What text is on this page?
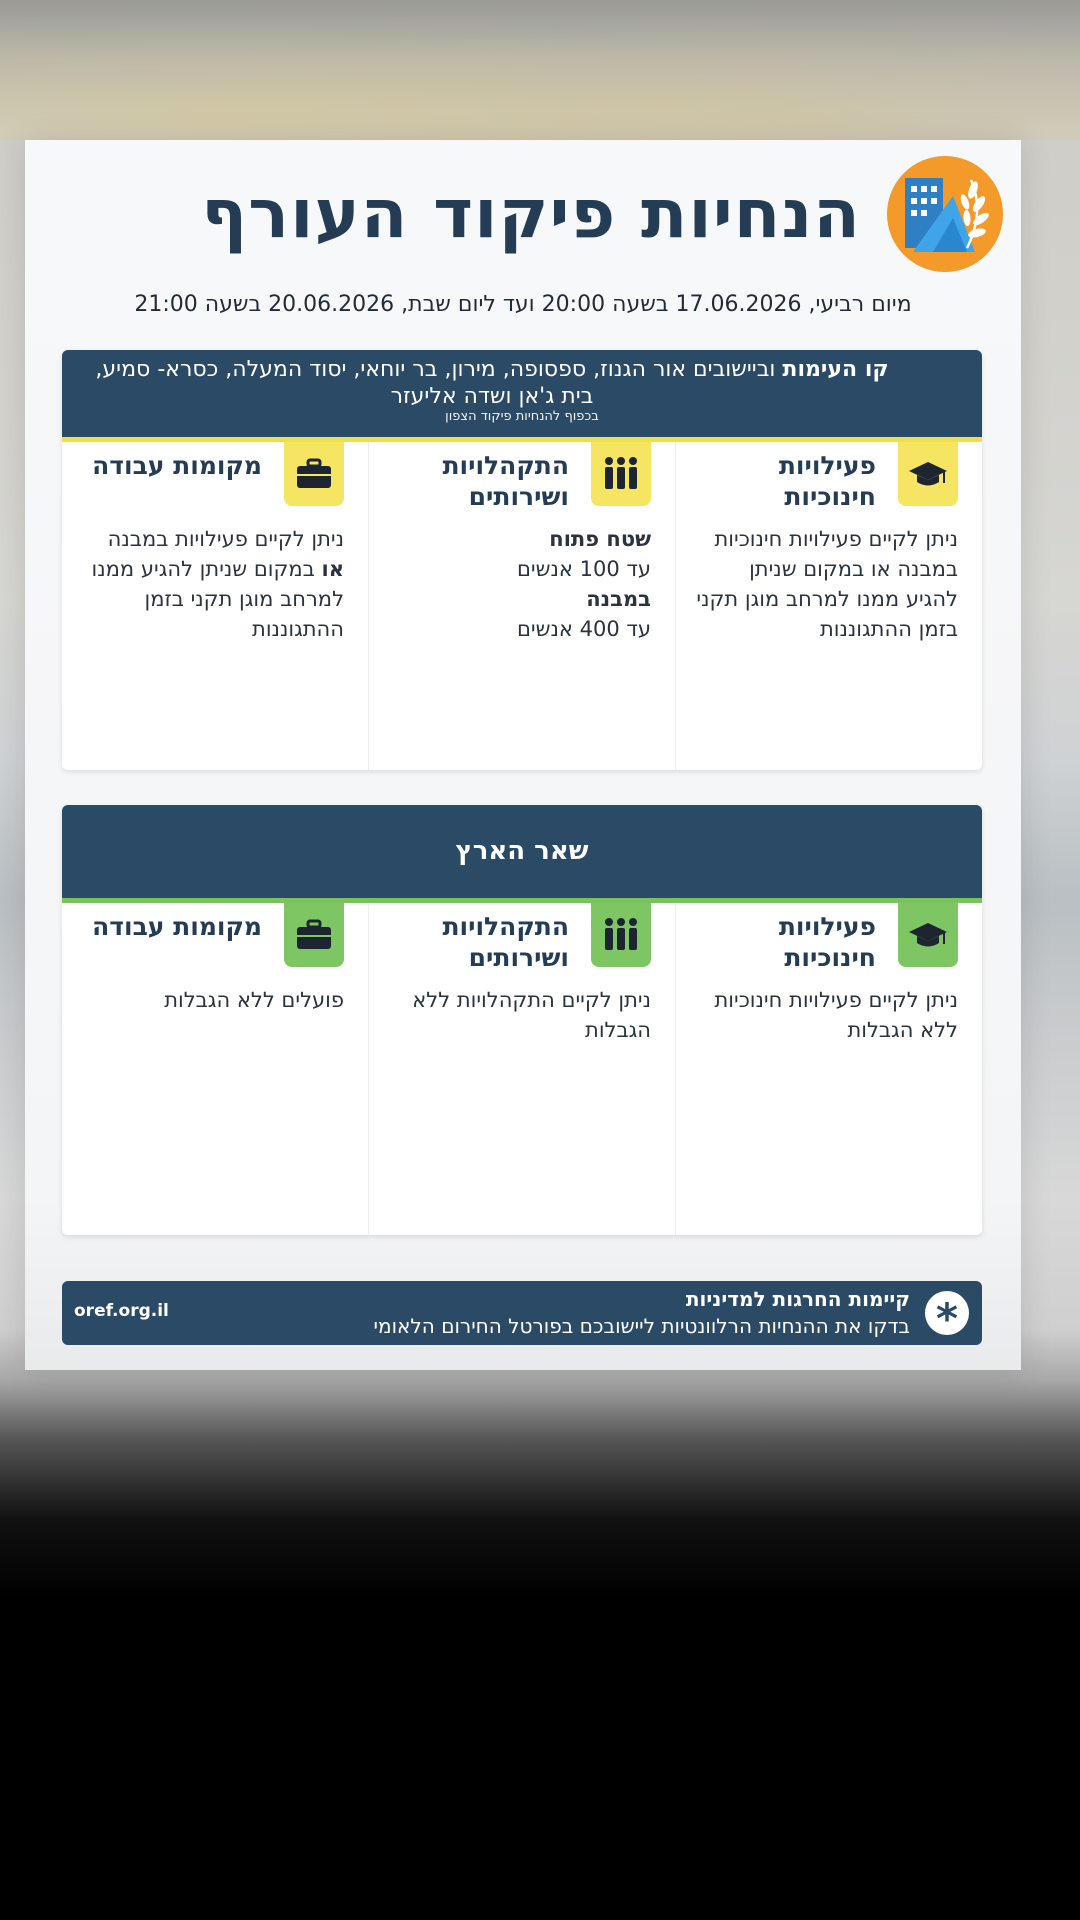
הנחיות פיקוד העורף
מיום רביעי, 17.06.2026 בשעה 20:00 ועד ליום שבת, 20.06.2026 בשעה 21:00
קו העימות וביישובים אור הגנוז, ספסופה, מירון, בר יוחאי, יסוד המעלה, כסרא- סמיע, בית ג'אן ושדה אליעזר
בכפוף להנחיות פיקוד הצפון
פעילויות חינוכיות
ניתן לקיים פעילויות חינוכיות במבנה או במקום שניתן להגיע ממנו למרחב מוגן תקני בזמן ההתגוננות
התקהלויות ושירותים
שטח פתוח
עד 100 אנשים
במבנה
עד 400 אנשים
מקומות עבודה
ניתן לקיים פעילויות במבנה או במקום שניתן להגיע ממנו למרחב מוגן תקני בזמן ההתגוננות
שאר הארץ
פעילויות חינוכיות
ניתן לקיים פעילויות חינוכיות ללא הגבלות
התקהלויות ושירותים
ניתן לקיים התקהלויות ללא הגבלות
מקומות עבודה
פועלים ללא הגבלות
*
קיימות החרגות למדיניות
בדקו את ההנחיות הרלוונטיות ליישובכם בפורטל החירום הלאומי
oref.org.il
